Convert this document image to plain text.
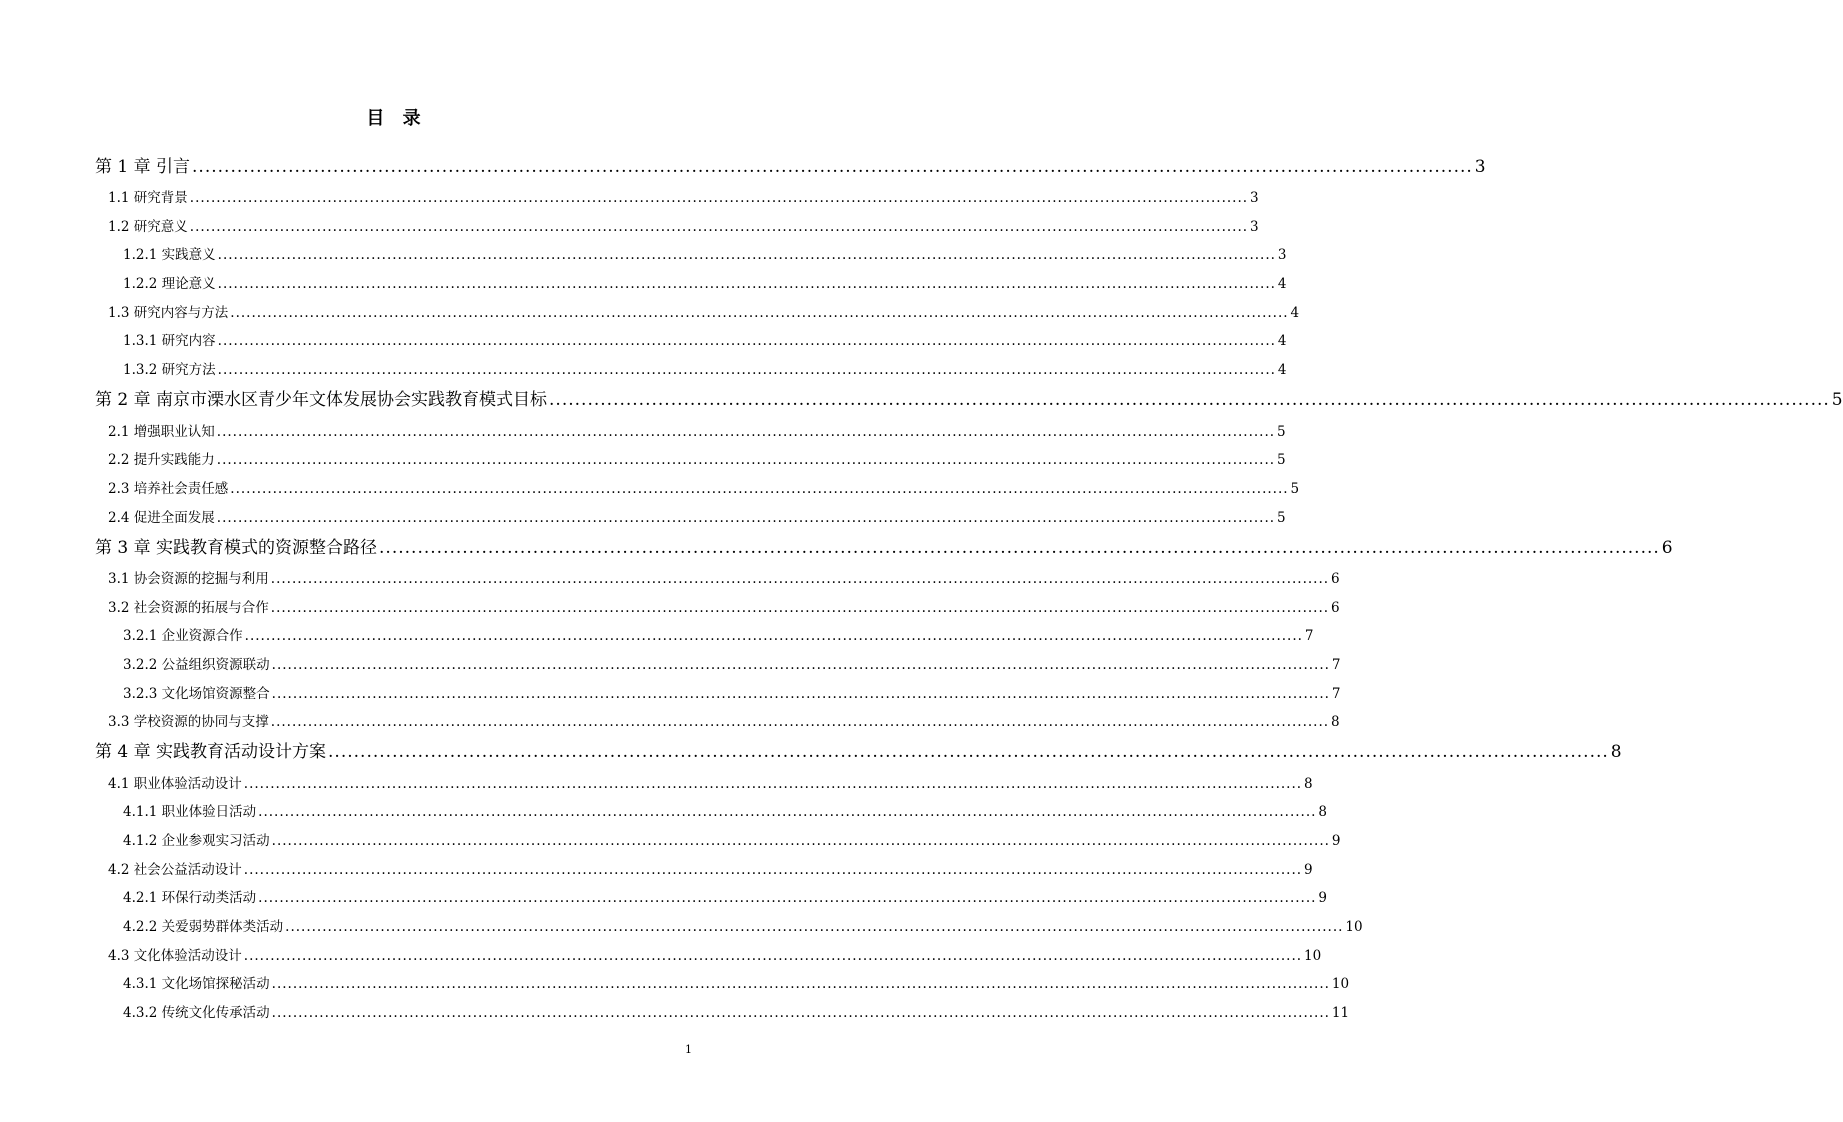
目 录
第 1 章 引言 ........................................................................................................................................................................................................ 3
1.1 研究背景 ........................................................................................................................................................................................................ 3
1.2 研究意义 ........................................................................................................................................................................................................ 3
1.2.1 实践意义 ........................................................................................................................................................................................................ 3
1.2.2 理论意义 ........................................................................................................................................................................................................ 4
1.3 研究内容与方法 ........................................................................................................................................................................................................ 4
1.3.1 研究内容 ........................................................................................................................................................................................................ 4
1.3.2 研究方法 ........................................................................................................................................................................................................ 4
第 2 章 南京市溧水区青少年文体发展协会实践教育模式目标 ........................................................................................................................................................................................................ 5
2.1 增强职业认知 ........................................................................................................................................................................................................ 5
2.2 提升实践能力 ........................................................................................................................................................................................................ 5
2.3 培养社会责任感 ........................................................................................................................................................................................................ 5
2.4 促进全面发展 ........................................................................................................................................................................................................ 5
第 3 章 实践教育模式的资源整合路径 ........................................................................................................................................................................................................ 6
3.1 协会资源的挖掘与利用 ........................................................................................................................................................................................................ 6
3.2 社会资源的拓展与合作 ........................................................................................................................................................................................................ 6
3.2.1 企业资源合作 ........................................................................................................................................................................................................ 7
3.2.2 公益组织资源联动 ........................................................................................................................................................................................................ 7
3.2.3 文化场馆资源整合 ........................................................................................................................................................................................................ 7
3.3 学校资源的协同与支撑 ........................................................................................................................................................................................................ 8
第 4 章 实践教育活动设计方案 ........................................................................................................................................................................................................ 8
4.1 职业体验活动设计 ........................................................................................................................................................................................................ 8
4.1.1 职业体验日活动 ........................................................................................................................................................................................................ 8
4.1.2 企业参观实习活动 ........................................................................................................................................................................................................ 9
4.2 社会公益活动设计 ........................................................................................................................................................................................................ 9
4.2.1 环保行动类活动 ........................................................................................................................................................................................................ 9
4.2.2 关爱弱势群体类活动 ........................................................................................................................................................................................................ 10
4.3 文化体验活动设计 ........................................................................................................................................................................................................ 10
4.3.1 文化场馆探秘活动 ........................................................................................................................................................................................................ 10
4.3.2 传统文化传承活动 ........................................................................................................................................................................................................ 11
1
